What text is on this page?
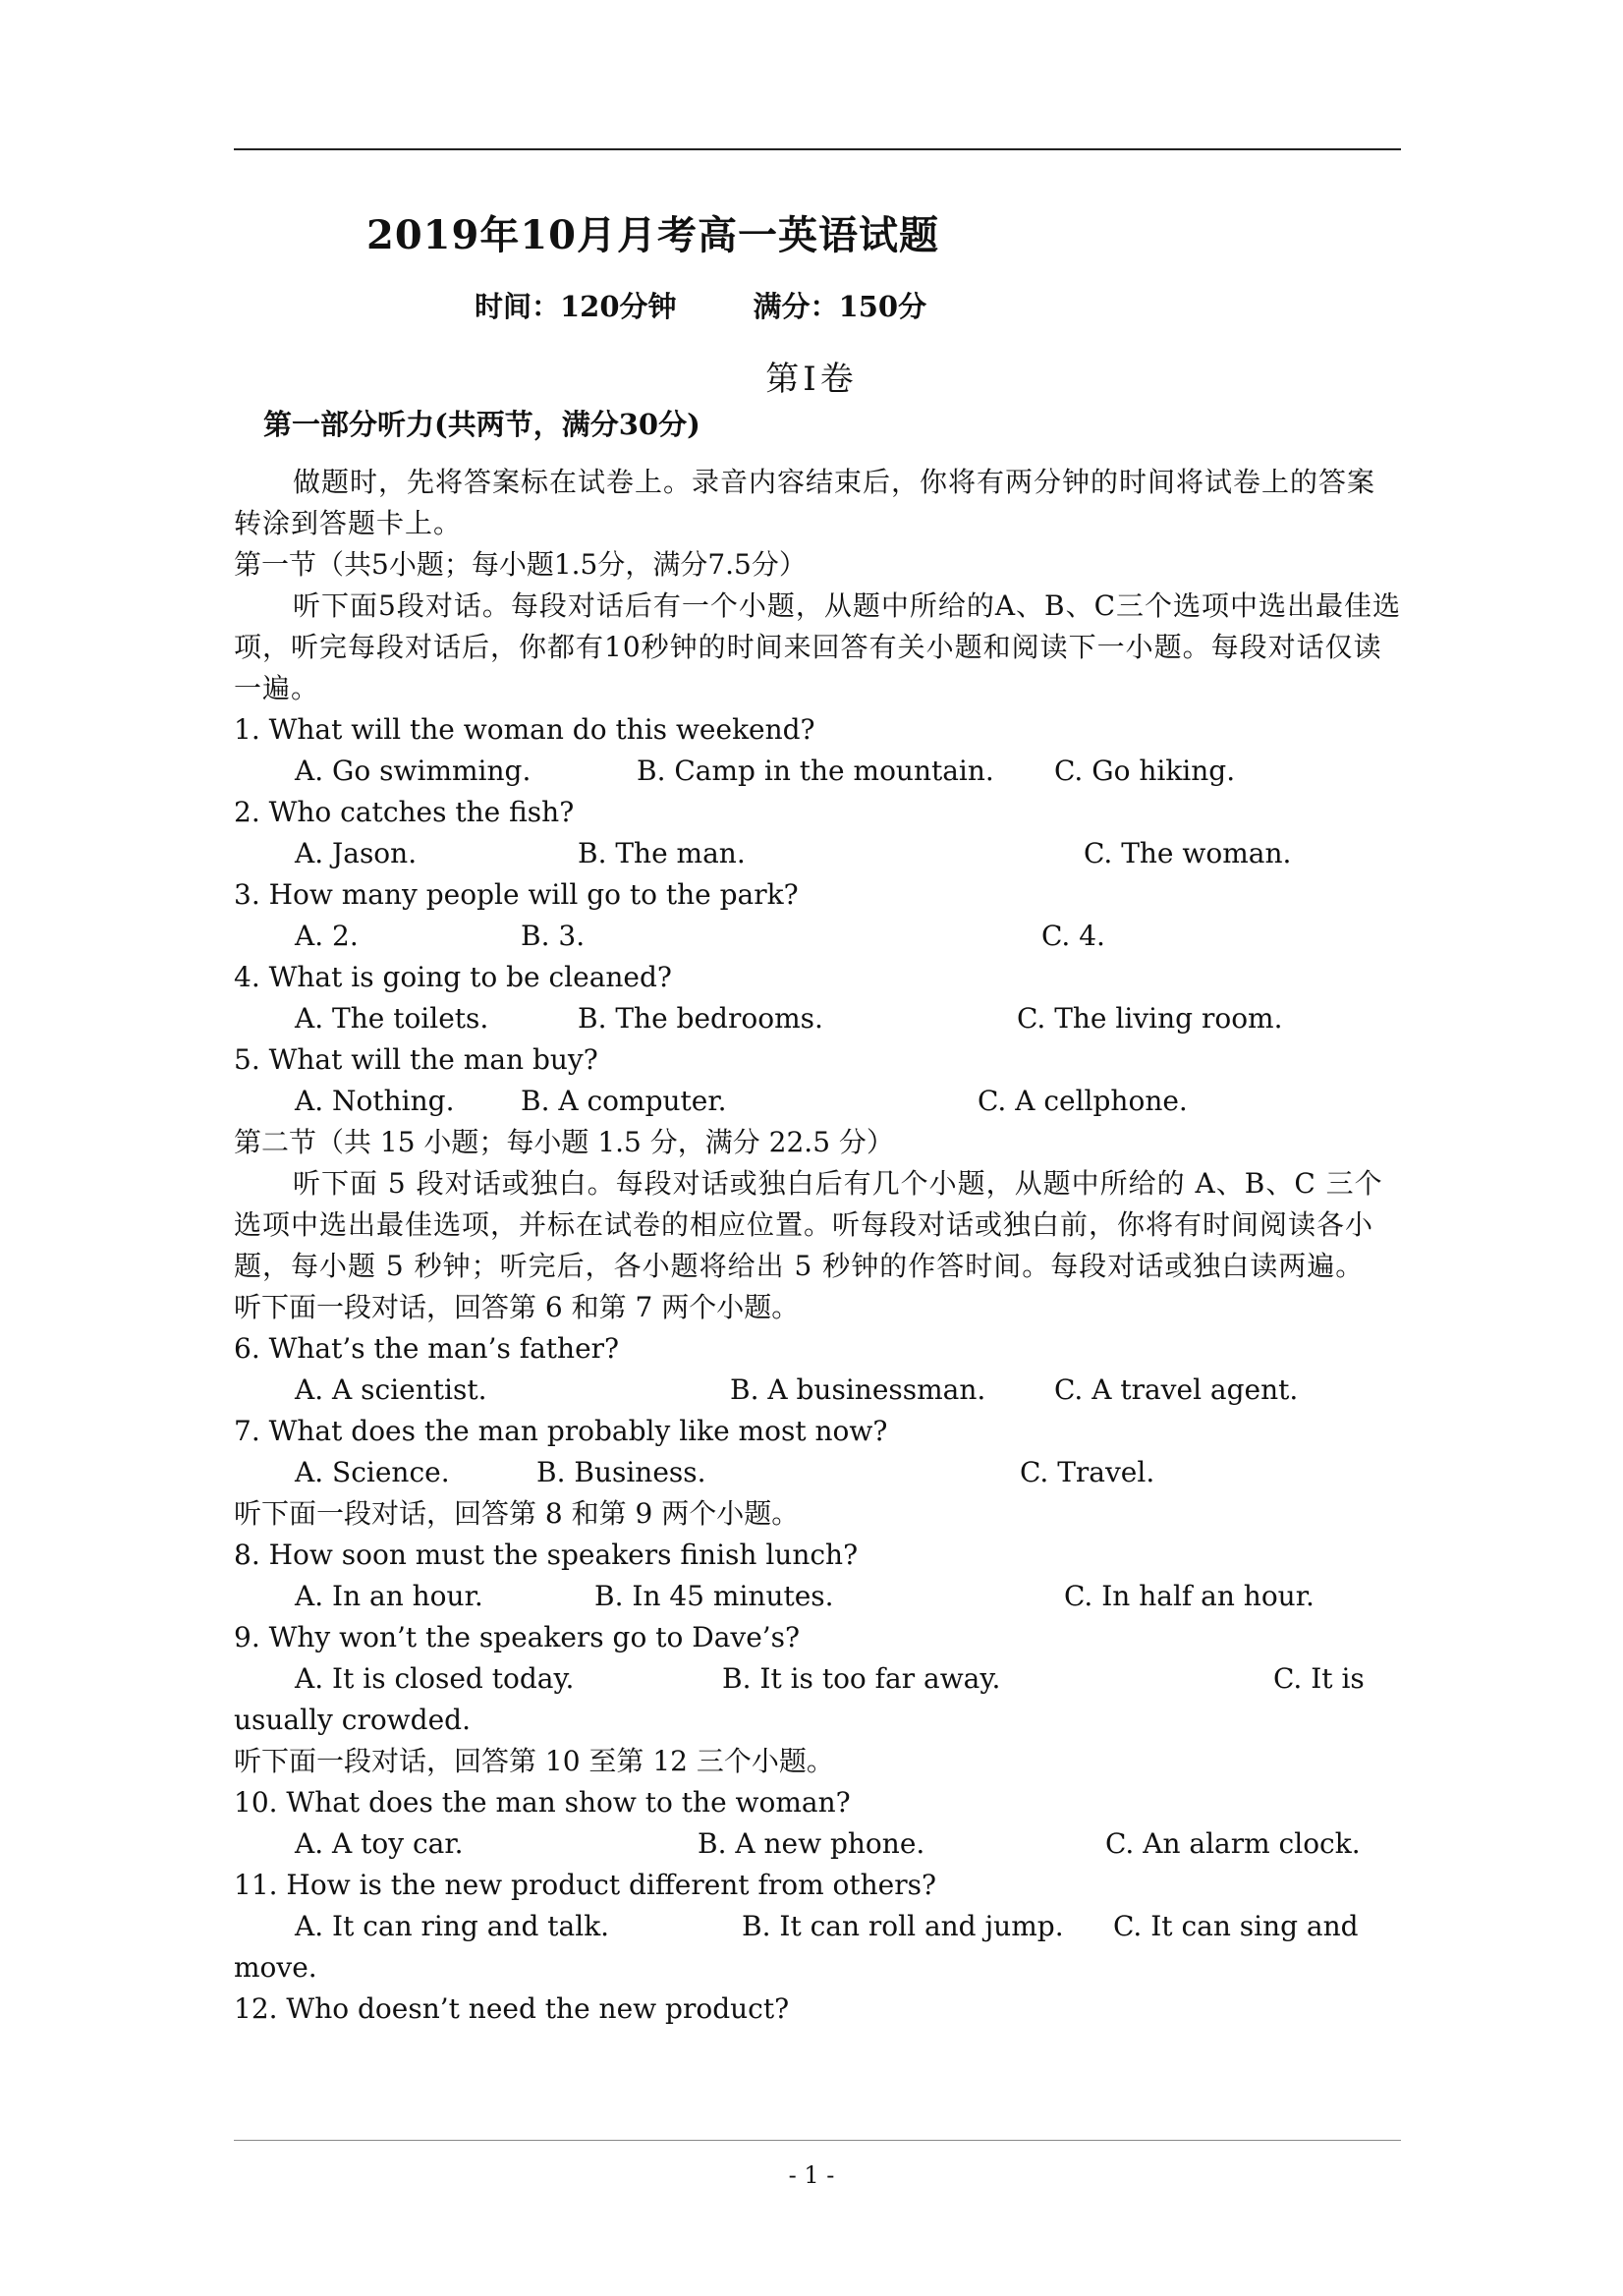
2019年10月月考高一英语试题
时间：120分钟	满分：150分
第I卷
第一部分听力(共两节，满分30分)

做题时，先将答案标在试卷上。录音内容结束后，你将有两分钟的时间将试卷上的答案转涂到答题卡上。

第一节（共5小题；每小题1.5分，满分7.5分）

听下面5段对话。每段对话后有一个小题，从题中所给的A、B、C三个选项中选出最佳选项，听完每段对话后，你都有10秒钟的时间来回答有关小题和阅读下一小题。每段对话仅读一遍。

1. What will the woman do this weekend?

A. Go swimming.	B. Camp in the mountain. C. Go hiking.

2. Who catches the fish?

A. Jason.	B. The man.	C. The woman.

3. How many people will go to the park?

A. 2.	B. 3.	C. 4.

4. What is going to be cleaned?

A. The toilets.	B. The bedrooms.	C. The living room.

5. What will the man buy?

A. Nothing. B. A computer.	C. A cellphone.

第二节（共 15 小题；每小题 1.5 分，满分 22.5 分）

听下面 5 段对话或独白。每段对话或独白后有几个小题，从题中所给的 A、B、C 三个选项中选出最佳选项，并标在试卷的相应位置。听每段对话或独白前，你将有时间阅读各小题，每小题 5 秒钟；听完后，各小题将给出 5 秒钟的作答时间。每段对话或独白读两遍。

听下面一段对话，回答第 6 和第 7 两个小题。

6. What’s the man’s father?

A. A scientist.	B. A businessman. C. A travel agent.

7. What does the man probably like most now?

A. Science.	B. Business.	C. Travel.

听下面一段对话，回答第 8 和第 9 两个小题。

8. How soon must the speakers finish lunch?

A. In an hour.	B. In 45 minutes.	C. In half an hour.

9. Why won’t the speakers go to Dave’s?

A. It is closed today.	B. It is too far away.	C. It is

usually crowded.

听下面一段对话，回答第 10 至第 12 三个小题。

10. What does the man show to the woman?

A. A toy car.	B. A new phone.	C. An alarm clock.

11. How is the new product different from others?

A. It can ring and talk.	B. It can roll and jump. C. It can sing and

move.

12. Who doesn’t need the new product?

- 1 -
